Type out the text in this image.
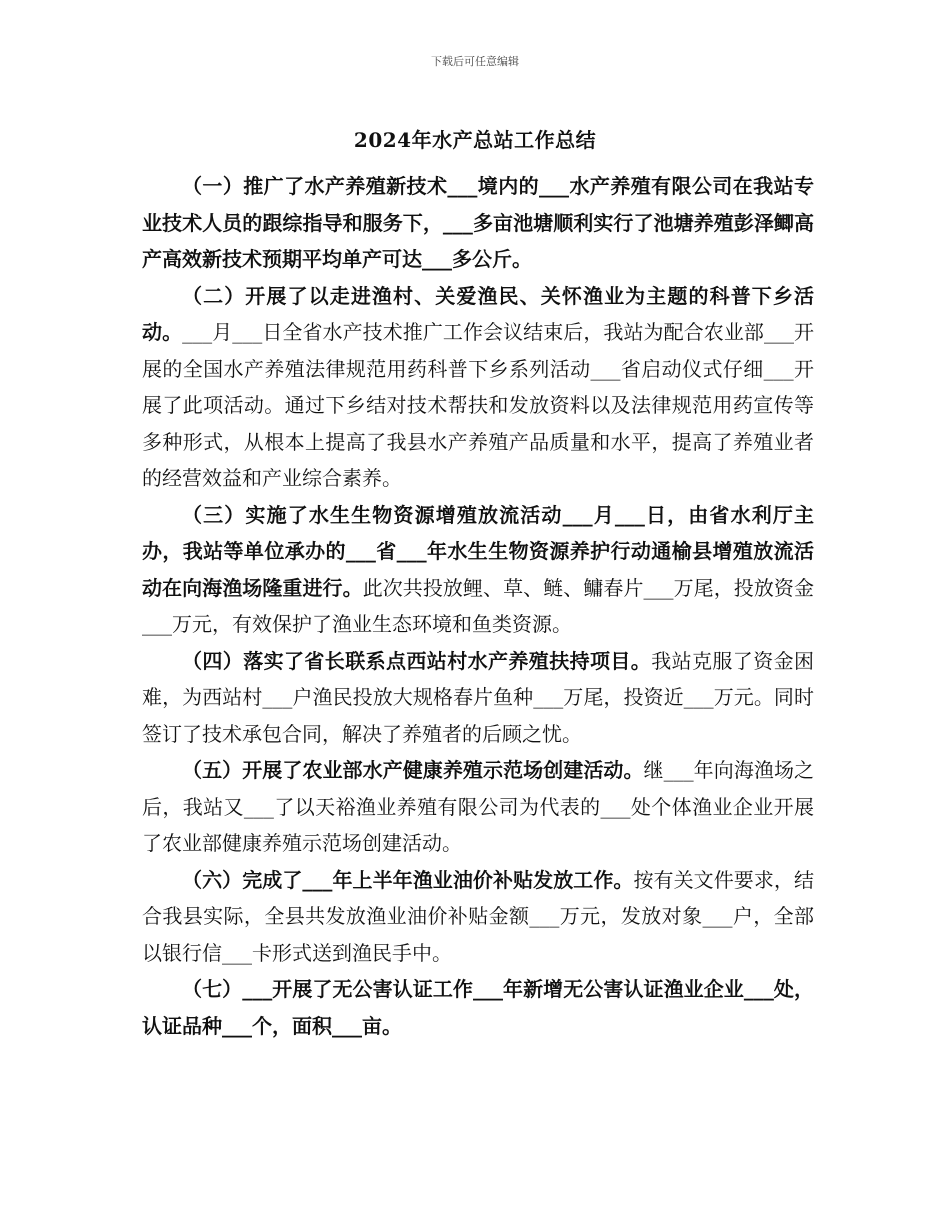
下载后可任意编辑
2024年水产总站工作总结

（一）推广了水产养殖新技术___境内的___水产养殖有限公司在我站专业技术人员的跟综指导和服务下，___多亩池塘顺利实行了池塘养殖彭泽鲫高产高效新技术预期平均单产可达___多公斤。

（二）开展了以走进渔村、关爱渔民、关怀渔业为主题的科普下乡活动。___月___日全省水产技术推广工作会议结束后，我站为配合农业部___开展的全国水产养殖法律规范用药科普下乡系列活动___省启动仪式仔细___开展了此项活动。通过下乡结对技术帮扶和发放资料以及法律规范用药宣传等多种形式，从根本上提高了我县水产养殖产品质量和水平，提高了养殖业者的经营效益和产业综合素养。

（三）实施了水生生物资源增殖放流活动___月___日，由省水利厅主办，我站等单位承办的___省___年水生生物资源养护行动通榆县增殖放流活动在向海渔场隆重进行。此次共投放鲤、草、鲢、鳙春片___万尾，投放资金___万元，有效保护了渔业生态环境和鱼类资源。

（四）落实了省长联系点西站村水产养殖扶持项目。我站克服了资金困难，为西站村___户渔民投放大规格春片鱼种___万尾，投资近___万元。同时签订了技术承包合同，解决了养殖者的后顾之忧。

（五）开展了农业部水产健康养殖示范场创建活动。继___年向海渔场之后，我站又___了以天裕渔业养殖有限公司为代表的___处个体渔业企业开展了农业部健康养殖示范场创建活动。

（六）完成了___年上半年渔业油价补贴发放工作。按有关文件要求，结合我县实际，全县共发放渔业油价补贴金额___万元，发放对象___户，全部以银行信___卡形式送到渔民手中。

（七）___开展了无公害认证工作___年新增无公害认证渔业企业___处，认证品种___个，面积___亩。
